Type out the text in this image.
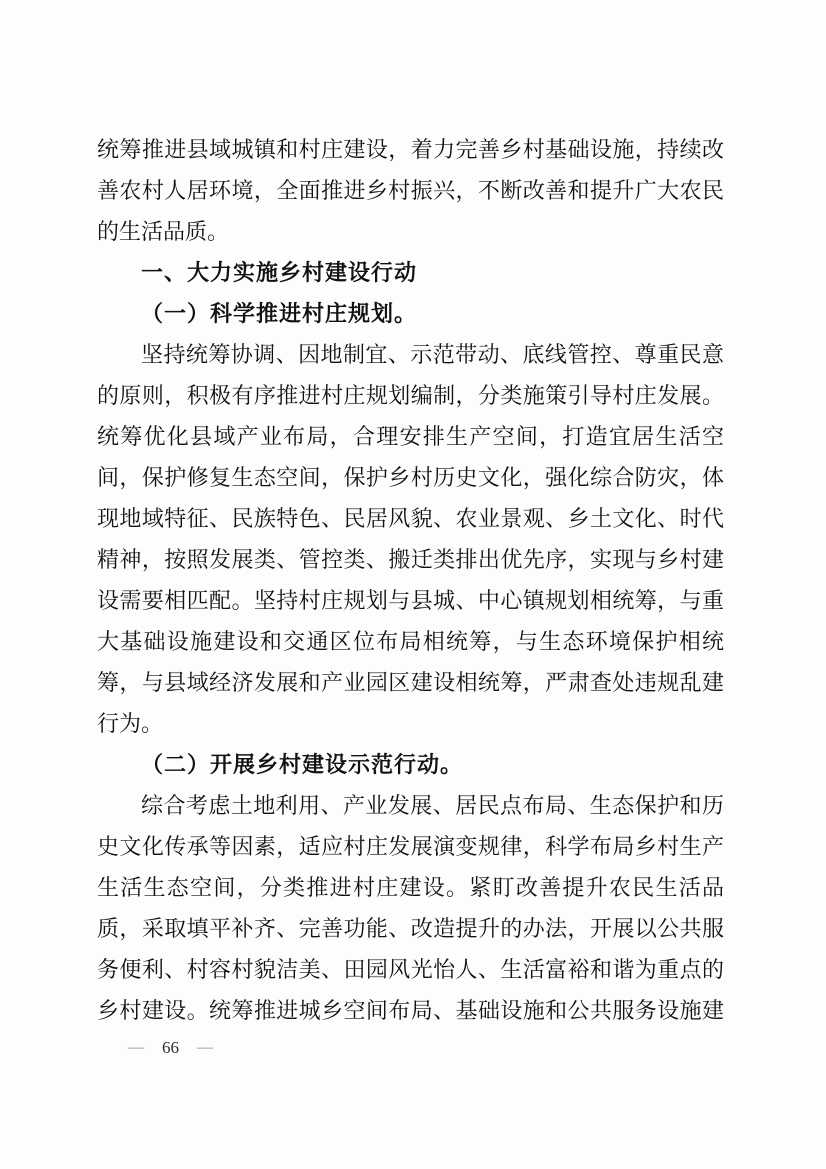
统筹推进县域城镇和村庄建设，着力完善乡村基础设施，持续改
善农村人居环境，全面推进乡村振兴，不断改善和提升广大农民
的生活品质。
一、大力实施乡村建设行动
（一）科学推进村庄规划。
坚持统筹协调、因地制宜、示范带动、底线管控、尊重民意
的原则，积极有序推进村庄规划编制，分类施策引导村庄发展。
统筹优化县域产业布局，合理安排生产空间，打造宜居生活空
间，保护修复生态空间，保护乡村历史文化，强化综合防灾，体
现地域特征、民族特色、民居风貌、农业景观、乡土文化、时代
精神，按照发展类、管控类、搬迁类排出优先序，实现与乡村建
设需要相匹配。坚持村庄规划与县城、中心镇规划相统筹，与重
大基础设施建设和交通区位布局相统筹，与生态环境保护相统
筹，与县域经济发展和产业园区建设相统筹，严肃查处违规乱建
行为。
（二）开展乡村建设示范行动。
综合考虑土地利用、产业发展、居民点布局、生态保护和历
史文化传承等因素，适应村庄发展演变规律，科学布局乡村生产
生活生态空间，分类推进村庄建设。紧盯改善提升农民生活品
质，采取填平补齐、完善功能、改造提升的办法，开展以公共服
务便利、村容村貌洁美、田园风光怡人、生活富裕和谐为重点的
乡村建设。统筹推进城乡空间布局、基础设施和公共服务设施建
— 66 —
